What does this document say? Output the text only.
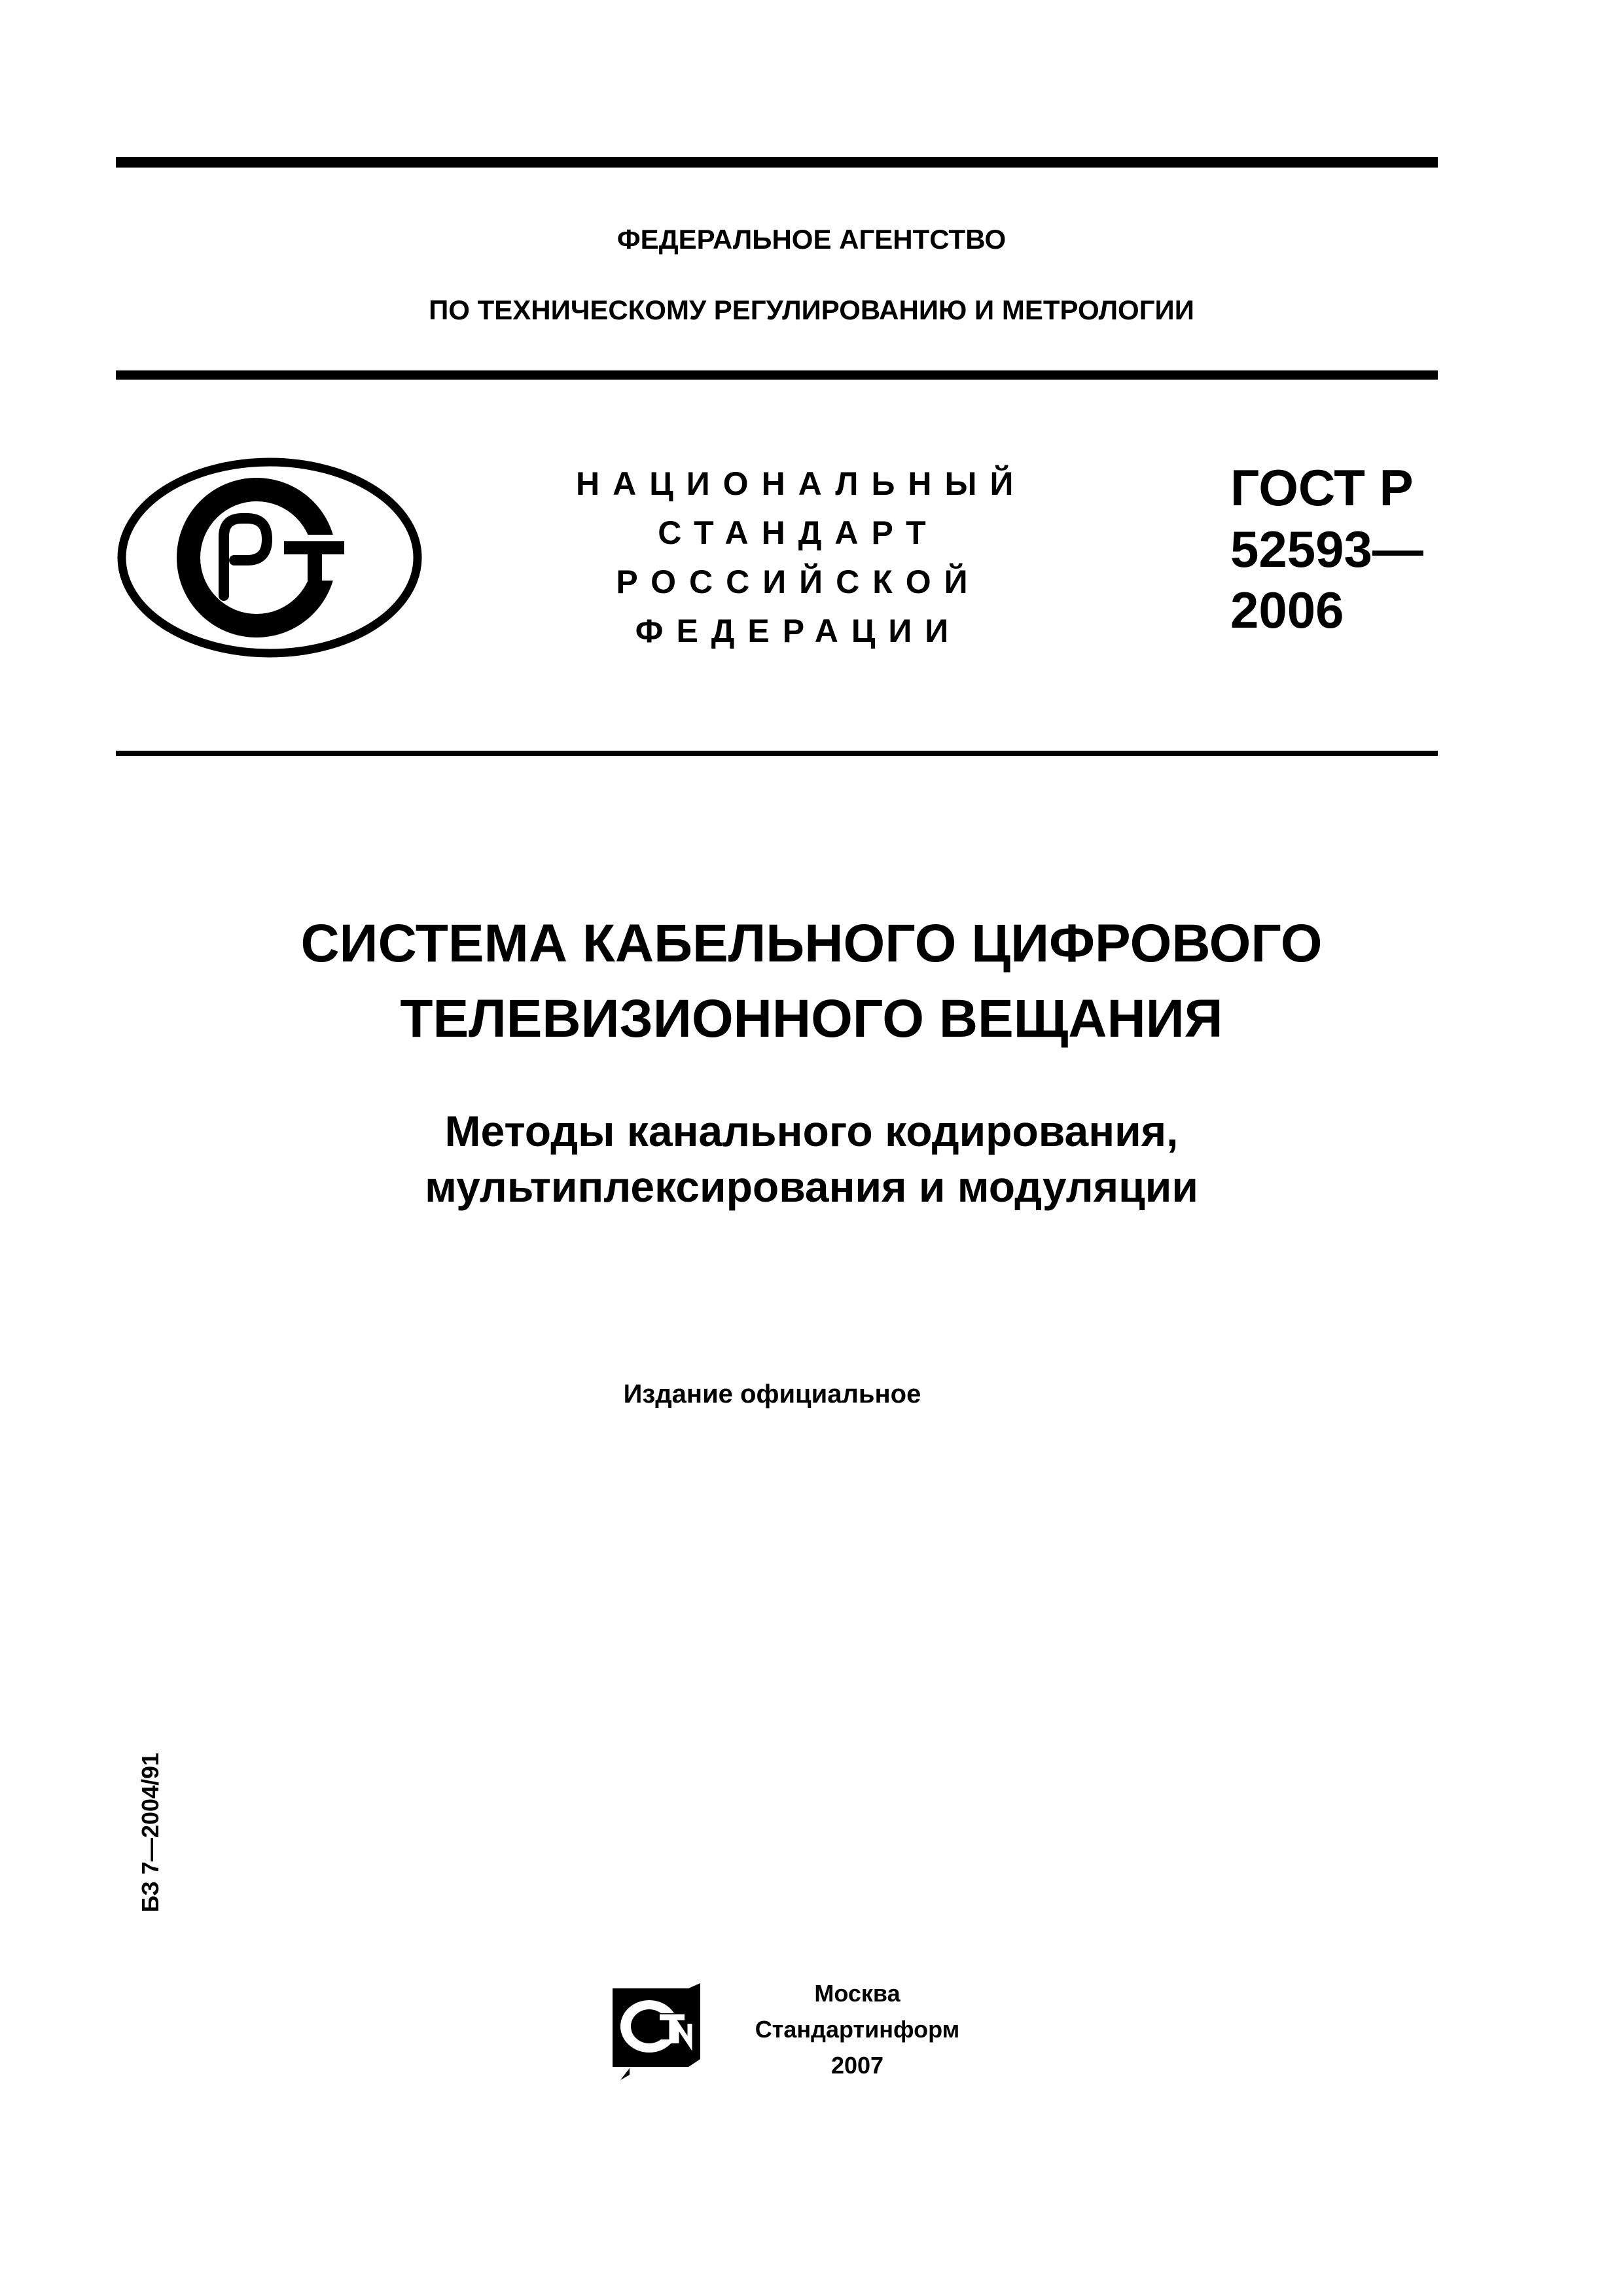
ФЕДЕРАЛЬНОЕ АГЕНТСТВО
ПО ТЕХНИЧЕСКОМУ РЕГУЛИРОВАНИЮ И МЕТРОЛОГИИ
НАЦИОНАЛЬНЫЙ
СТАНДАРТ
РОССИЙСКОЙ
ФЕДЕРАЦИИ
ГОСТ Р
52593—
2006
СИСТЕМА КАБЕЛЬНОГО ЦИФРОВОГО
ТЕЛЕВИЗИОННОГО ВЕЩАНИЯ
Методы канального кодирования,
мультиплексирования и модуляции
Издание официальное
БЗ 7—2004/91
Москва
Стандартинформ
2007
